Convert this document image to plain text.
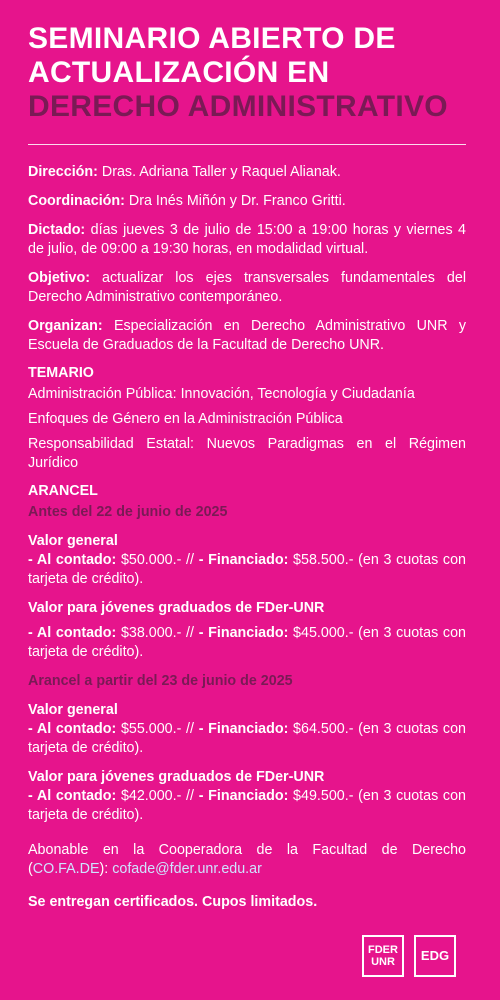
SEMINARIO ABIERTO DE
ACTUALIZACIÓN EN
DERECHO ADMINISTRATIVO

Dirección: Dras. Adriana Taller y Raquel Alianak.

Coordinación: Dra Inés Miñón y Dr. Franco Gritti.

Dictado: días jueves 3 de julio de 15:00 a 19:00 horas y viernes 4 de julio, de 09:00 a 19:30 horas, en modalidad virtual.

Objetivo: actualizar los ejes transversales fundamentales del Derecho Administrativo contemporáneo.

Organizan: Especialización en Derecho Administrativo UNR y Escuela de Graduados de la Facultad de Derecho UNR.

TEMARIO
Administración Pública: Innovación, Tecnología y Ciudadanía
Enfoques de Género en la Administración Pública
Responsabilidad Estatal: Nuevos Paradigmas en el Régimen Jurídico
ARANCEL
Antes del 22 de junio de 2025
Valor general

- Al contado: $50.000.- // - Financiado: $58.500.- (en 3 cuotas con tarjeta de crédito).

Valor para jóvenes graduados de FDer-UNR

- Al contado: $38.000.- // - Financiado: $45.000.- (en 3 cuotas con tarjeta de crédito).

Arancel a partir del 23 de junio de 2025
Valor general

- Al contado: $55.000.- // - Financiado: $64.500.- (en 3 cuotas con tarjeta de crédito).

Valor para jóvenes graduados de FDer-UNR

- Al contado: $42.000.- // - Financiado: $49.500.- (en 3 cuotas con tarjeta de crédito).

Abonable en la Cooperadora de la Facultad de Derecho (CO.FA.DE): cofade@fder.unr.edu.ar

Se entregan certificados. Cupos limitados.
FDER
UNR EDG
